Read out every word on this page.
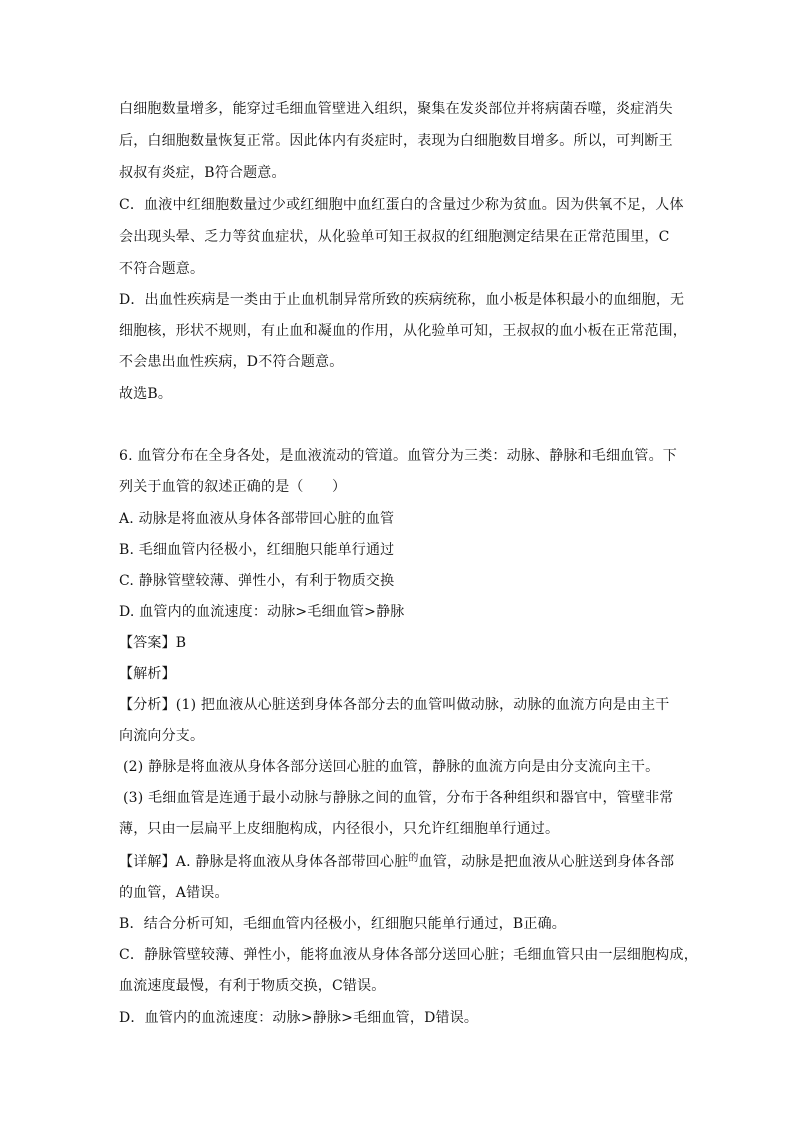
白细胞数量增多，能穿过毛细血管壁进入组织，聚集在发炎部位并将病菌吞噬，炎症消失
后，白细胞数量恢复正常。因此体内有炎症时，表现为白细胞数目增多。所以，可判断王
叔叔有炎症，B符合题意。
C．血液中红细胞数量过少或红细胞中血红蛋白的含量过少称为贫血。因为供氧不足，人体
会出现头晕、乏力等贫血症状，从化验单可知王叔叔的红细胞测定结果在正常范围里，C
不符合题意。
D．出血性疾病是一类由于止血机制异常所致的疾病统称，血小板是体积最小的血细胞，无
细胞核，形状不规则，有止血和凝血的作用，从化验单可知，王叔叔的血小板在正常范围，
不会患出血性疾病，D不符合题意。
故选B。
6. 血管分布在全身各处，是血液流动的管道。血管分为三类：动脉、静脉和毛细血管。下
列关于血管的叙述正确的是（　　）
A. 动脉是将血液从身体各部带回心脏的血管
B. 毛细血管内径极小，红细胞只能单行通过
C. 静脉管壁较薄、弹性小，有利于物质交换
D. 血管内的血流速度：动脉>毛细血管>静脉
【答案】B
【解析】
【分析】(1) 把血液从心脏送到身体各部分去的血管叫做动脉，动脉的血流方向是由主干
向流向分支。
(2) 静脉是将血液从身体各部分送回心脏的血管，静脉的血流方向是由分支流向主干。
(3) 毛细血管是连通于最小动脉与静脉之间的血管，分布于各种组织和器官中，管壁非常
薄，只由一层扁平上皮细胞构成，内径很小，只允许红细胞单行通过。
【详解】A. 静脉是将血液从身体各部带回心脏$^的$血管，动脉是把血液从心脏送到身体各部
的血管，A错误。
B．结合分析可知，毛细血管内径极小，红细胞只能单行通过，B正确。
C．静脉管壁较薄、弹性小，能将血液从身体各部分送回心脏；毛细血管只由一层细胞构成，
血流速度最慢，有利于物质交换，C错误。
D．血管内的血流速度：动脉>静脉>毛细血管，D错误。
